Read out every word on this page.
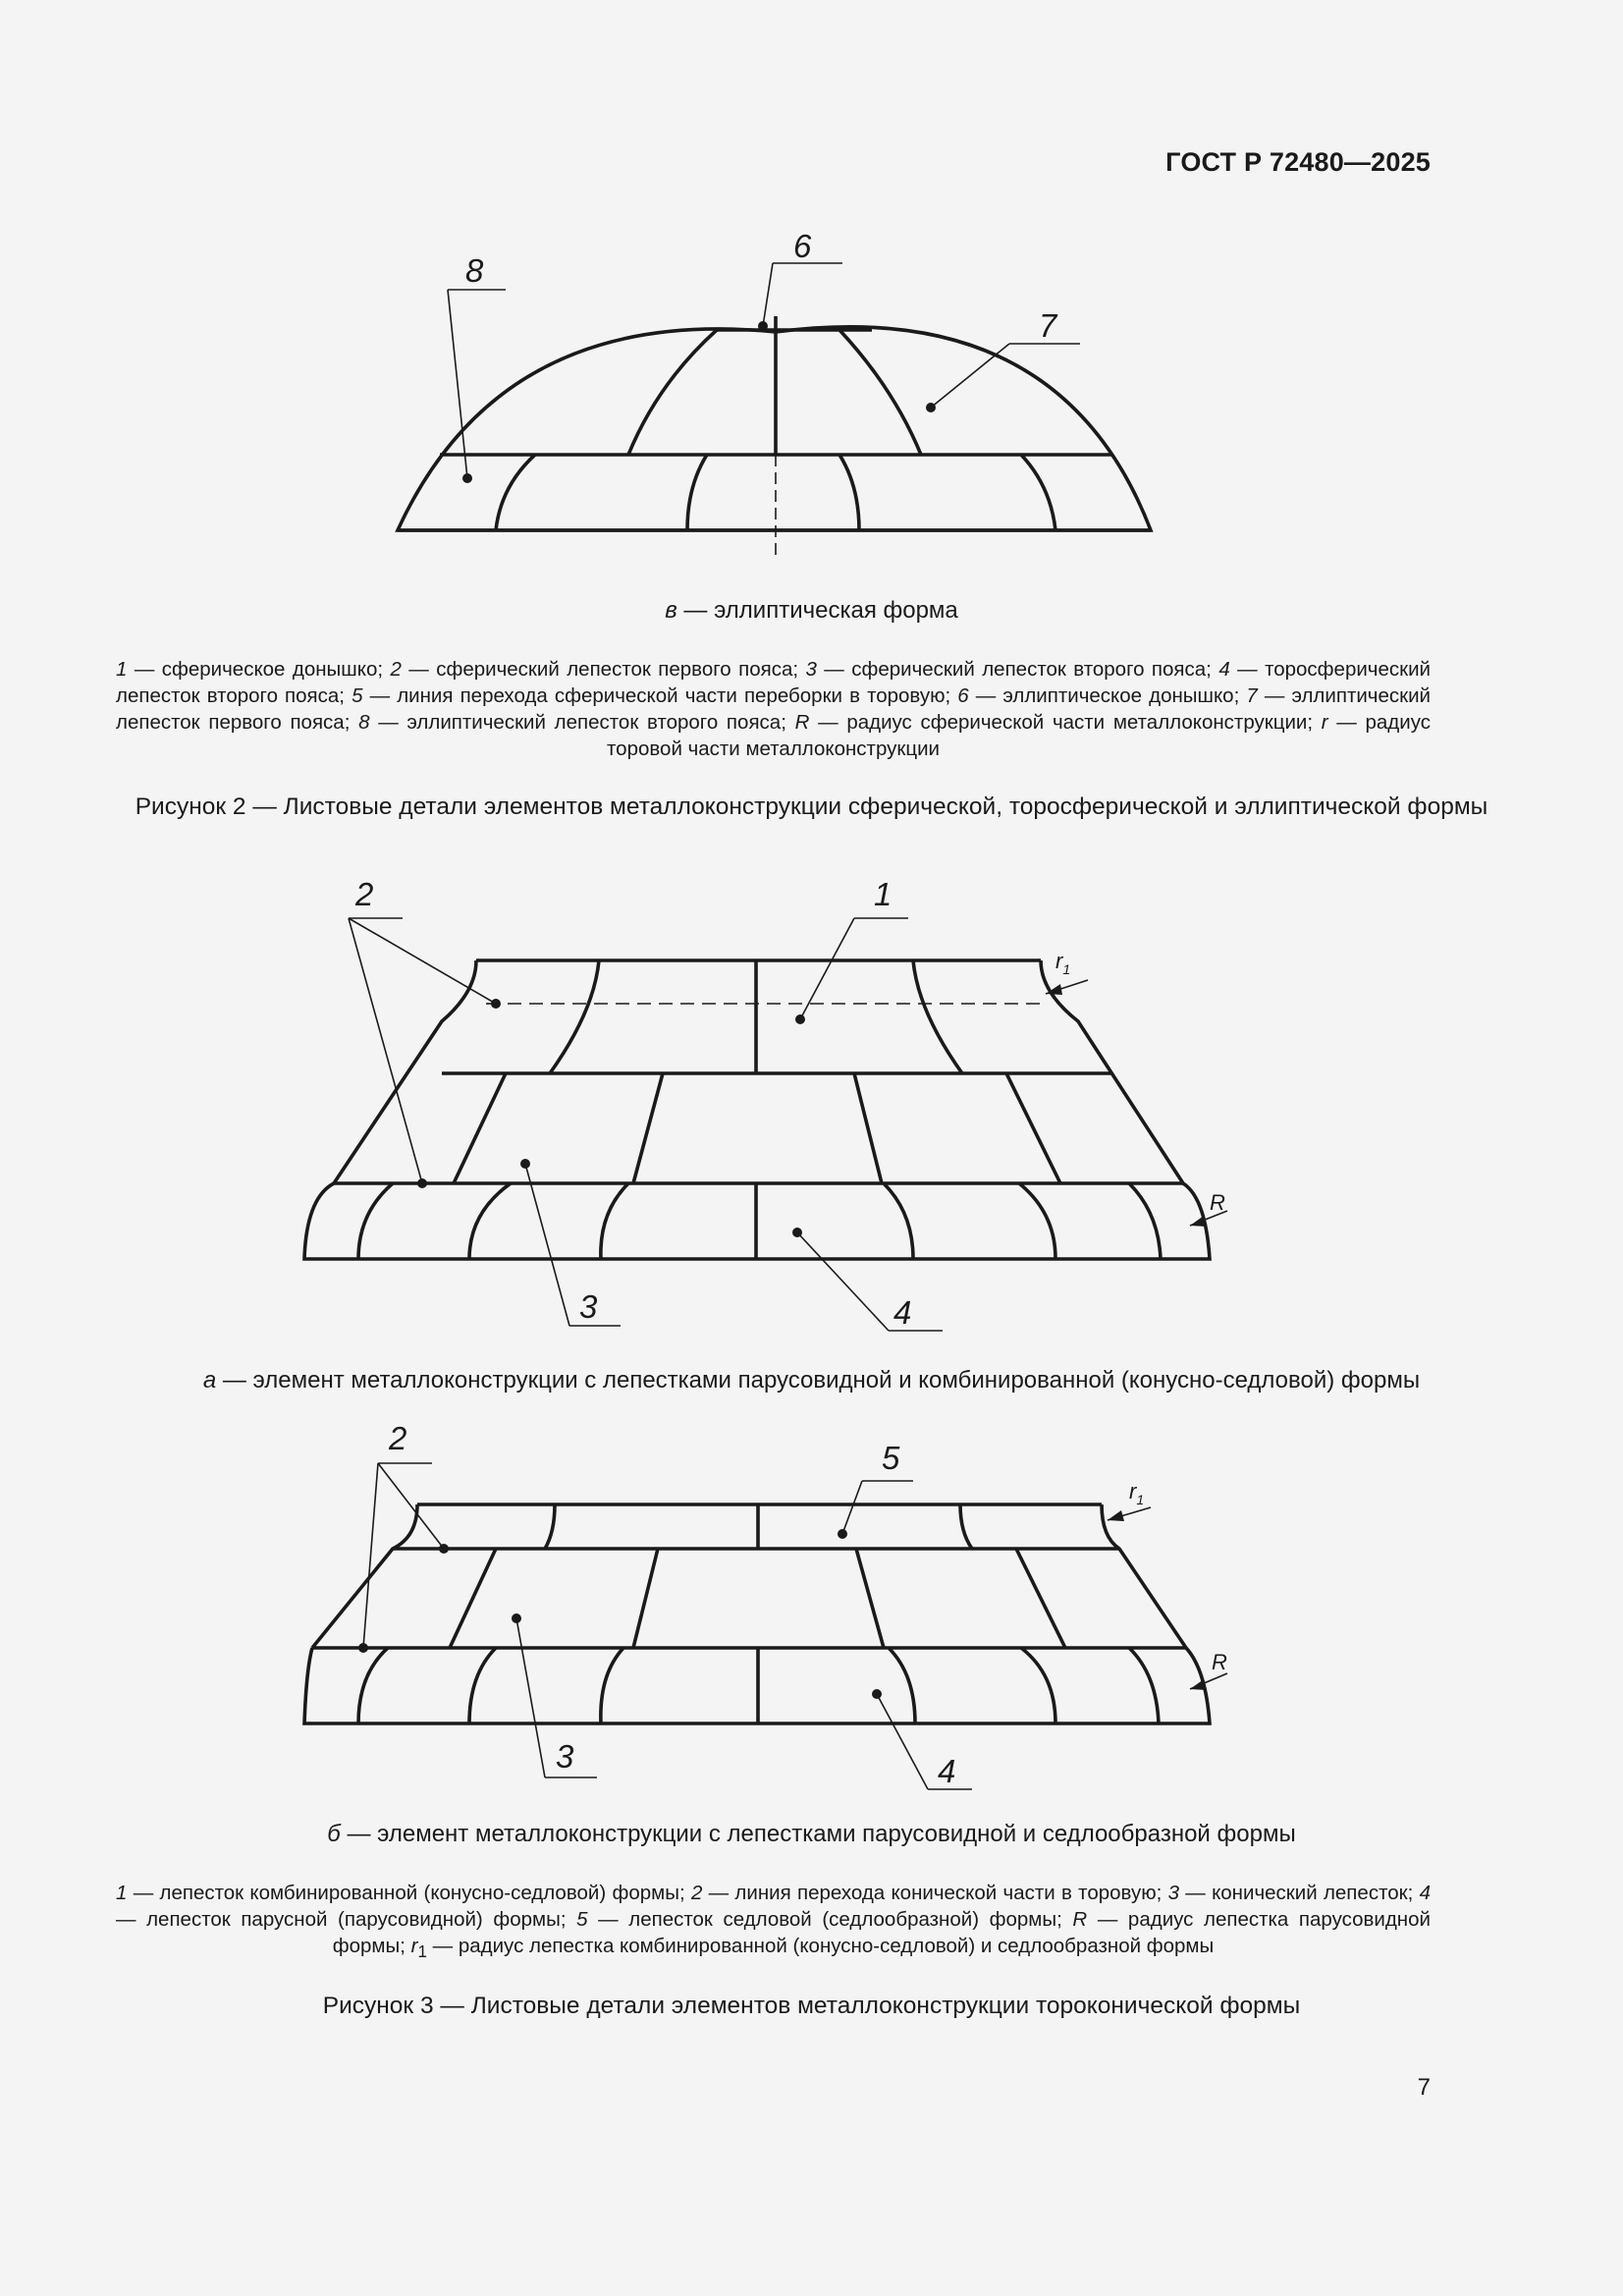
ГОСТ Р 72480—2025
6
7
8
в — эллиптическая форма
1 — сферическое донышко; 2 — сферический лепесток первого пояса; 3 — сферический лепесток второго пояса; 4 — торосферический лепесток второго пояса; 5 — линия перехода сферической части переборки в торовую; 6 — эллиптическое донышко; 7 — эллиптический лепесток первого пояса; 8 — эллиптический лепесток второго пояса; R — радиус сферической части металлоконструкции; r — радиус торовой части металлоконструкции
Рисунок 2 — Листовые детали элементов металлоконструкции сферической, торосферической и эллиптической формы
2	1
3	4
$r_1$
R
а — элемент металлоконструкции с лепестками парусовидной и комбинированной (конусно-седловой) формы
2
5
3	4
$r_1$
R
б — элемент металлоконструкции с лепестками парусовидной и седлообразной формы
1 — лепесток комбинированной (конусно-седловой) формы; 2 — линия перехода конической части в торовую; 3 — конический лепесток; 4 — лепесток парусной (парусовидной) формы; 5 — лепесток седловой (седлообразной) формы; R — радиус лепестка парусовидной формы; $r_1$ — радиус лепестка комбинированной (конусно-седловой) и седлообразной формы
Рисунок 3 — Листовые детали элементов металлоконструкции тороконической формы
7
